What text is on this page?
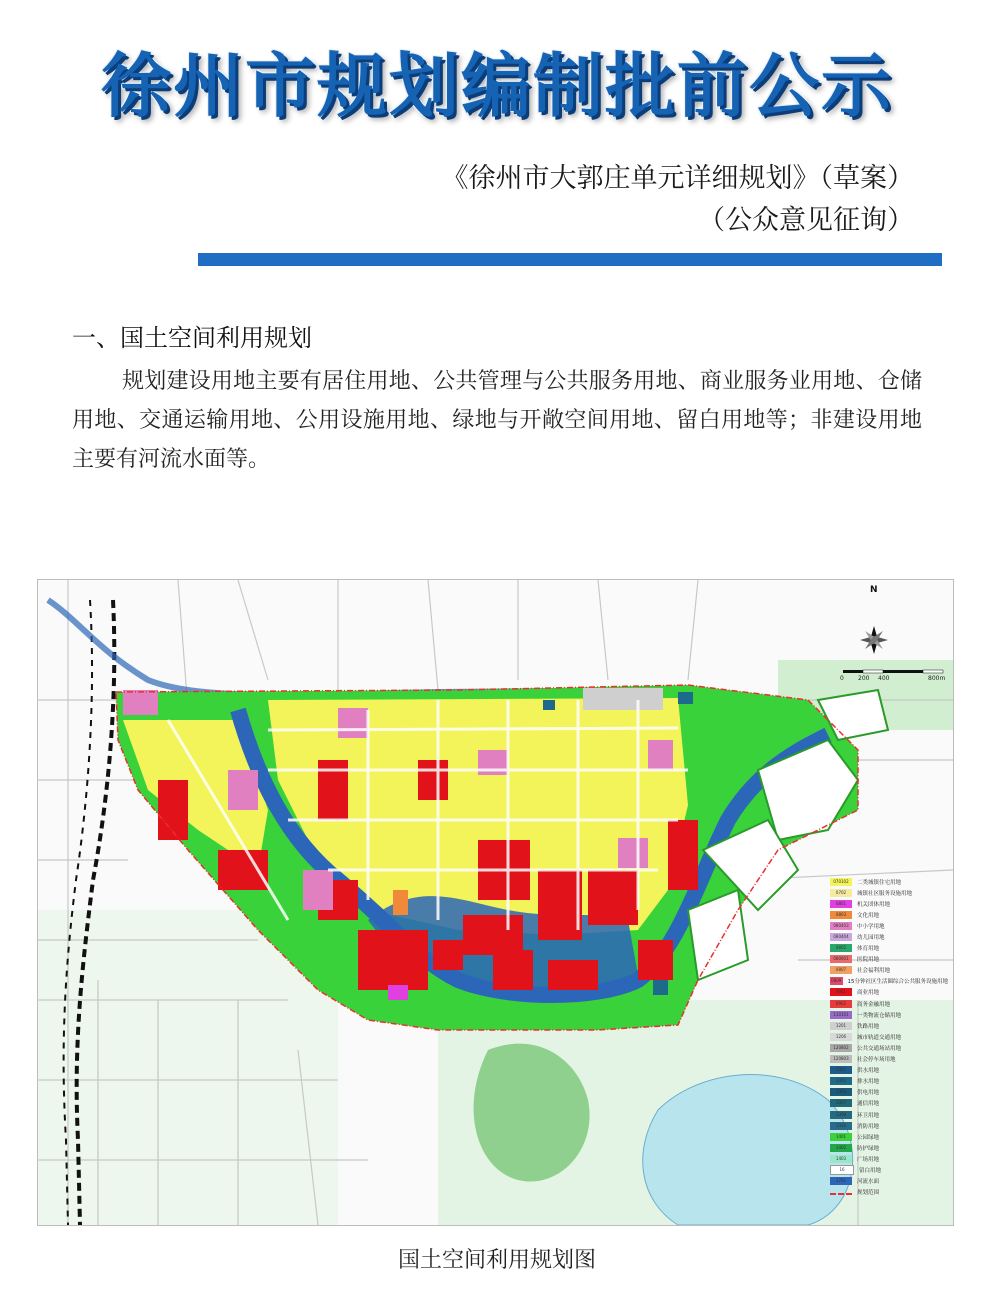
徐州市规划编制批前公示
《徐州市大郭庄单元详细规划》（草案）
（公众意见征询）
一、国土空间利用规划
规划建设用地主要有居住用地、公共管理与公共服务用地、商业服务业用地、仓储用地、交通运输用地、公用设施用地、绿地与开敞空间用地、留白用地等；非建设用地主要有河流水面等。
N
0 200 400	800m
070102	二类城镇住宅用地
0702	城镇社区服务设施用地
0801	机关团体用地
0803	文化用地
080403	中小学用地
080404	幼儿园用地
0805	体育用地
080601	医院用地
0807	社会福利用地
0809 15分钟社区生活圈综合公共服务设施用地
0901	商业用地
0902	商务金融用地
110101	一类物流仓储用地
1201	铁路用地
1206	城市轨道交通用地
120802	公共交通场站用地
120803	社会停车场用地
1301	供水用地
1302	排水用地
1303	供电用地
1307	通信用地
1309	环卫用地
1310	消防用地
1401	公园绿地
1402	防护绿地
1403	广场用地
16	留白用地
1701	河流水面
规划范围
国土空间利用规划图
